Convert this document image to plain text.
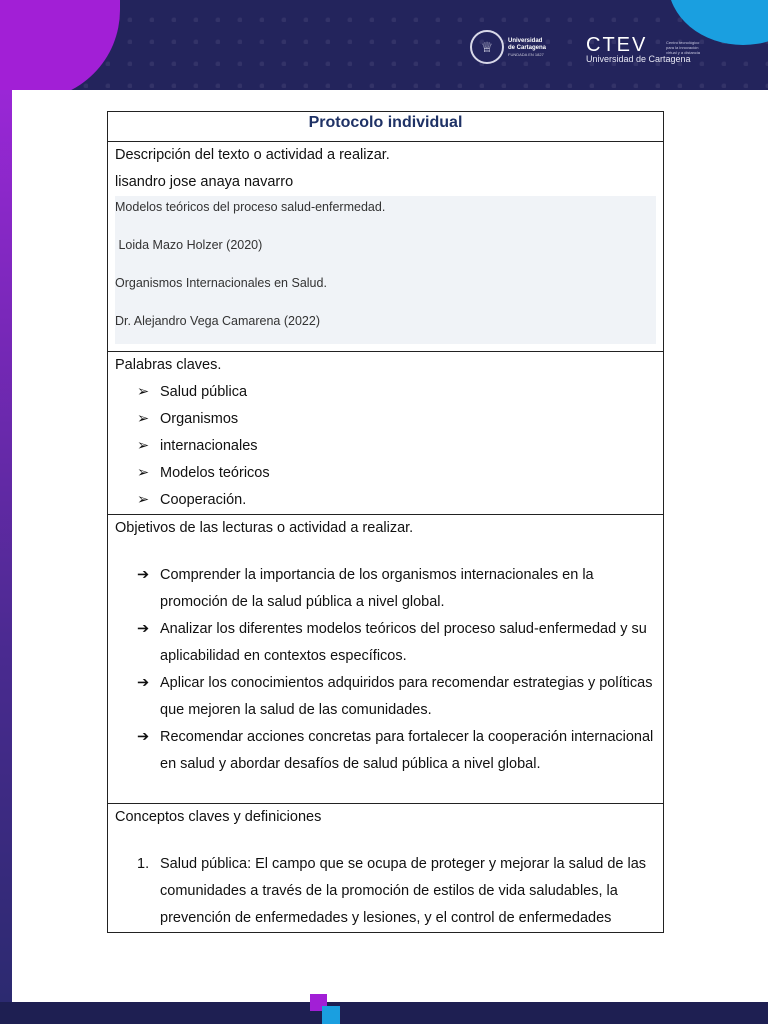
♕	Universidad
de Cartagena
FUNDADA EN 1827 CTEV	Centro tecnológico para la innovación virtual y a distancia
Universidad de Cartagena
Protocolo individual

Descripción del texto o actividad a realizar.
lisandro jose anaya navarro
Modelos teóricos del proceso salud-enfermedad.
Loida Mazo Holzer (2020)
Organismos Internacionales en Salud.
Dr. Alejandro Vega Camarena (2022)

Palabras claves.
➢ Salud pública
➢ Organismos
➢ internacionales
➢ Modelos teóricos
➢ Cooperación.

Objetivos de las lecturas o actividad a realizar.
➔ Comprender la importancia de los organismos internacionales en la promoción de la salud pública a nivel global.
➔ Analizar los diferentes modelos teóricos del proceso salud-enfermedad y su aplicabilidad en contextos específicos.
➔ Aplicar los conocimientos adquiridos para recomendar estrategias y políticas que mejoren la salud de las comunidades.
➔ Recomendar acciones concretas para fortalecer la cooperación internacional en salud y abordar desafíos de salud pública a nivel global.

Conceptos claves y definiciones
1. Salud pública: El campo que se ocupa de proteger y mejorar la salud de las comunidades a través de la promoción de estilos de vida saludables, la prevención de enfermedades y lesiones, y el control de enfermedades
